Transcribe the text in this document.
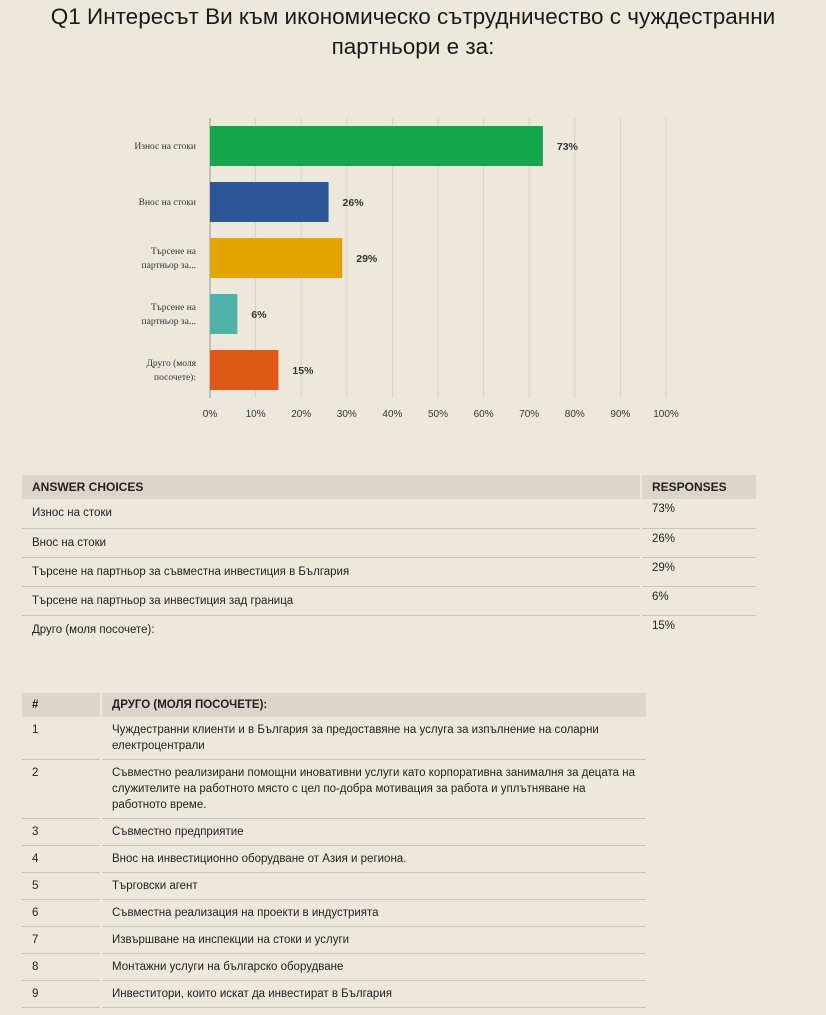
Q1 Интересът Ви към икономическо сътрудничество с чуждестранни партньори е за:
0%	10%	20%	30%	40%	50%	60%	70%	80%	90% 100%
73%
Износ на стоки
26%
Внос на стоки
29%
Търсене на
партньор за...
6%
Търсене на
партньор за...
15%
Друго (моля
посочете):
ANSWER CHOICES	RESPONSES
Износ на стоки	73%
Внос на стоки	26%
Търсене на партньор за съвместна инвестиция в България	29%
Търсене на партньор за инвестиция зад граница	6%
Друго (моля посочете):	15%
#	ДРУГО (МОЛЯ ПОСОЧЕТЕ):
1	Чуждестранни клиенти и в България за предоставяне на услуга за изпълнение на соларни електроцентрали
2	Съвместно реализирани помощни иновативни услуги като корпоративна занималня за децата на служителите на работното място с цел по-добра мотивация за работа и уплътняване на работното време.
3	Съвместно предприятие
4	Внос на инвестиционно оборудване от Азия и региона.
5	Търговски агент
6	Съвместна реализация на проекти в индустрията
7	Извършване на инспекции на стоки и услуги
8	Монтажни услуги на българско оборудване
9	Инвеститори, които искат да инвестират в България
